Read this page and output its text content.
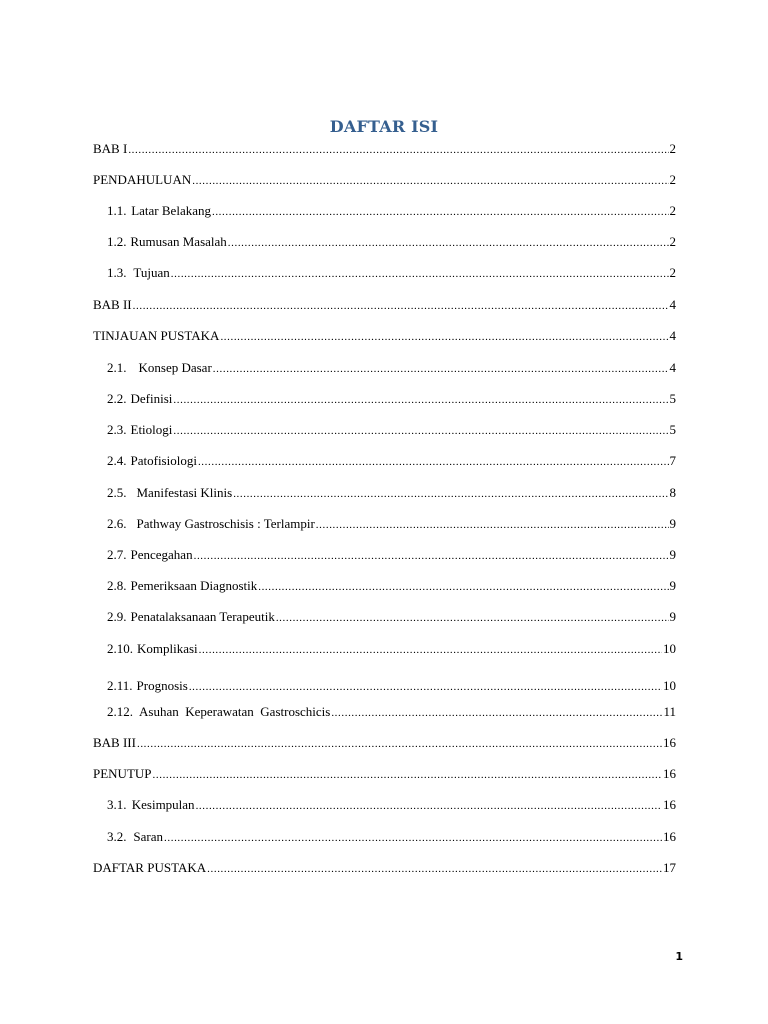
DAFTAR ISI
BAB I .....	2
PENDAHULUAN .....	2
1.1. Latar Belakang .....	2
1.2. Rumusan Masalah .....	2
1.3. Tujuan .....	2
BAB II .....	4
TINJAUAN PUSTAKA .....	4
2.1. Konsep Dasar .....	4
2.2. Definisi .....	5
2.3. Etiologi .....	5
2.4. Patofisiologi .....	7
2.5. Manifestasi Klinis .....	8
2.6. Pathway Gastroschisis : Terlampir .....	9
2.7. Pencegahan .....	9
2.8. Pemeriksaan Diagnostik .....	9
2.9. Penatalaksanaan Terapeutik .....	9
2.10. Komplikasi .....	10
2.11. Prognosis .....	10
2.12. Asuhan  Keperawatan  Gastroschicis .....	11
BAB III .....	16
PENUTUP .....	16
3.1. Kesimpulan .....	16
3.2. Saran .....	16
DAFTAR PUSTAKA .....	17
1
